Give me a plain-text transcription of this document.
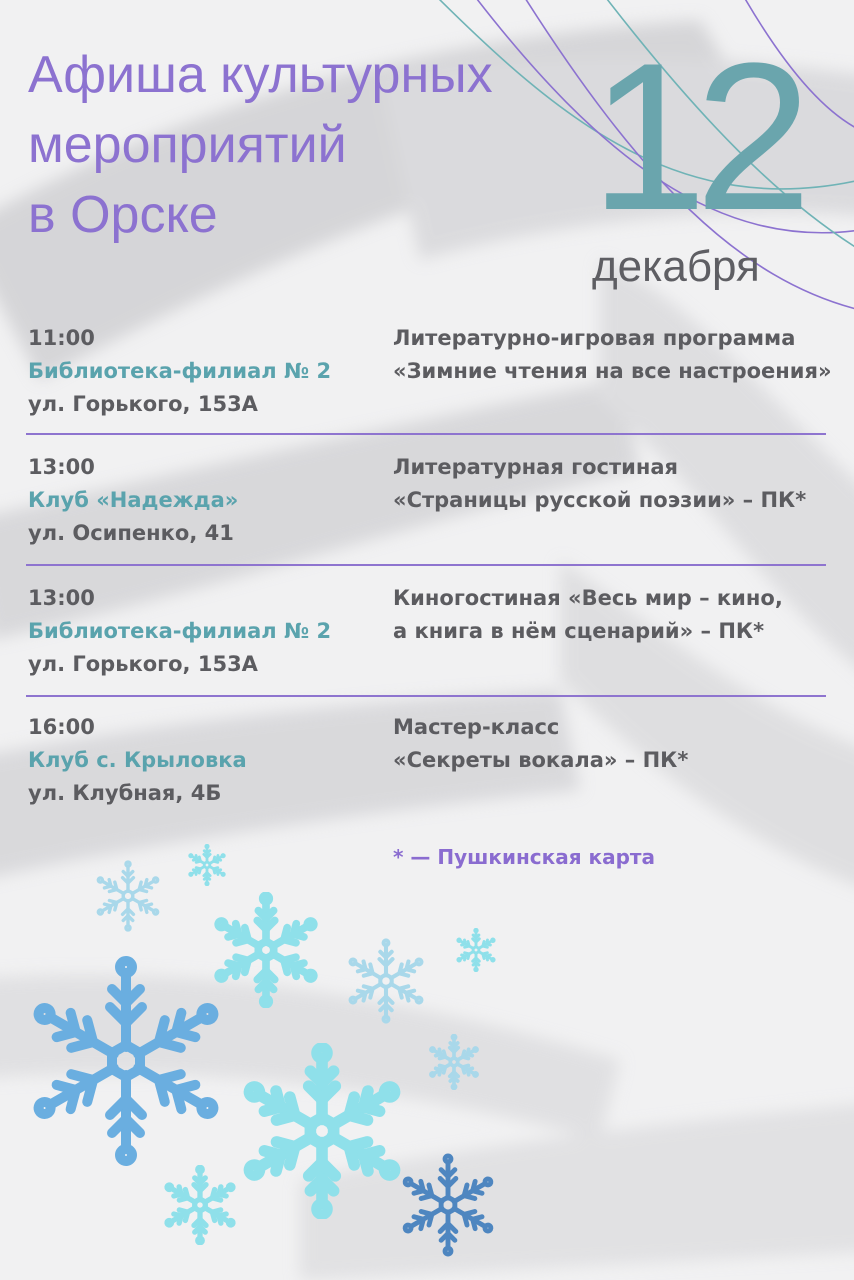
Афиша культурных
мероприятий
в Орске	12
декабря
11:00
Библиотека-филиал № 2
ул. Горького, 153А
Литературно-игровая программа
«Зимние чтения на все настроения»
13:00
Клуб «Надежда»
ул. Осипенко, 41
Литературная гостиная
«Страницы русской поэзии» – ПК*
13:00
Библиотека-филиал № 2
ул. Горького, 153А
Киногостиная «Весь мир – кино,
а книга в нём сценарий» – ПК*
16:00
Клуб с. Крыловка
ул. Клубная, 4Б
Мастер-класс
«Секреты вокала» – ПК*
* — Пушкинская карта
